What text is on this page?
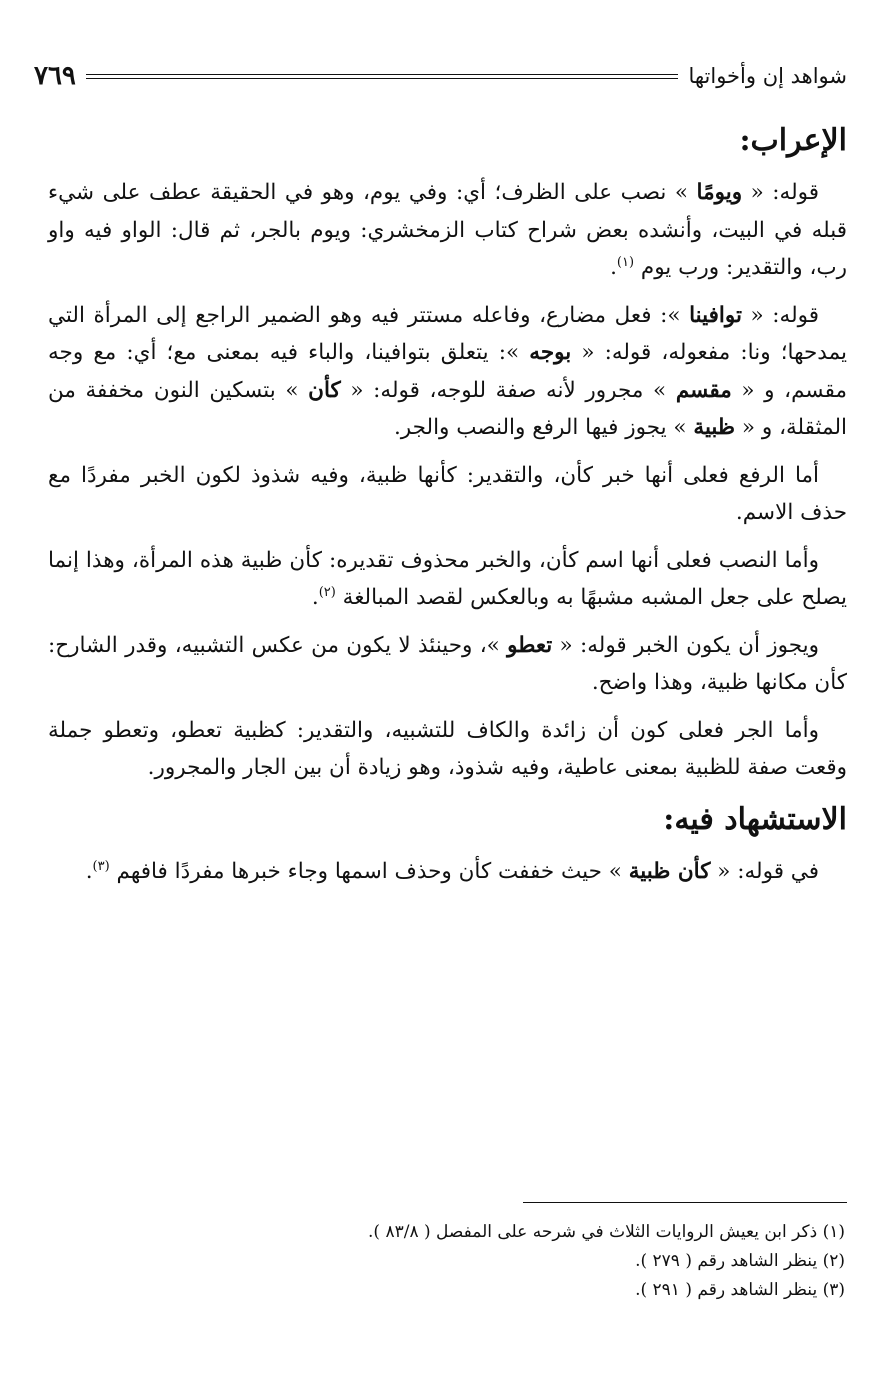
شواهد إن وأخواتها
٧٦٩
الإعراب:

قوله: « ويومًا » نصب على الظرف؛ أي: وفي يوم، وهو في الحقيقة عطف على شيء قبله في البيت، وأنشده بعض شراح كتاب الزمخشري: ويوم بالجر، ثم قال: الواو فيه واو رب، والتقدير: ورب يوم $^{(١)}$.

قوله: « توافينا »: فعل مضارع، وفاعله مستتر فيه وهو الضمير الراجع إلى المرأة التي يمدحها؛ ونا: مفعوله، قوله: « بوجه »: يتعلق بتوافينا، والباء فيه بمعنى مع؛ أي: مع وجه مقسم، و « مقسم » مجرور لأنه صفة للوجه، قوله: « كأن » بتسكين النون مخففة من المثقلة، و « ظبية » يجوز فيها الرفع والنصب والجر.

أما الرفع فعلى أنها خبر كأن، والتقدير: كأنها ظبية، وفيه شذوذ لكون الخبر مفردًا مع حذف الاسم.

وأما النصب فعلى أنها اسم كأن، والخبر محذوف تقديره: كأن ظبية هذه المرأة، وهذا إنما يصلح على جعل المشبه مشبهًا به وبالعكس لقصد المبالغة $^{(٢)}$.

ويجوز أن يكون الخبر قوله: « تعطو »، وحينئذ لا يكون من عكس التشبيه، وقدر الشارح: كأن مكانها ظبية، وهذا واضح.

وأما الجر فعلى كون أن زائدة والكاف للتشبيه، والتقدير: كظبية تعطو، وتعطو جملة وقعت صفة للظبية بمعنى عاطية، وفيه شذوذ، وهو زيادة أن بين الجار والمجرور.

الاستشهاد فيه:

في قوله: « كأن ظبية » حيث خففت كأن وحذف اسمها وجاء خبرها مفردًا فافهم $^{(٣)}$.

(١) ذكر ابن يعيش الروايات الثلاث في شرحه على المفصل ( ٨٣/٨ ).
(٢) ينظر الشاهد رقم ( ٢٧٩ ).
(٣) ينظر الشاهد رقم ( ٢٩١ ).
